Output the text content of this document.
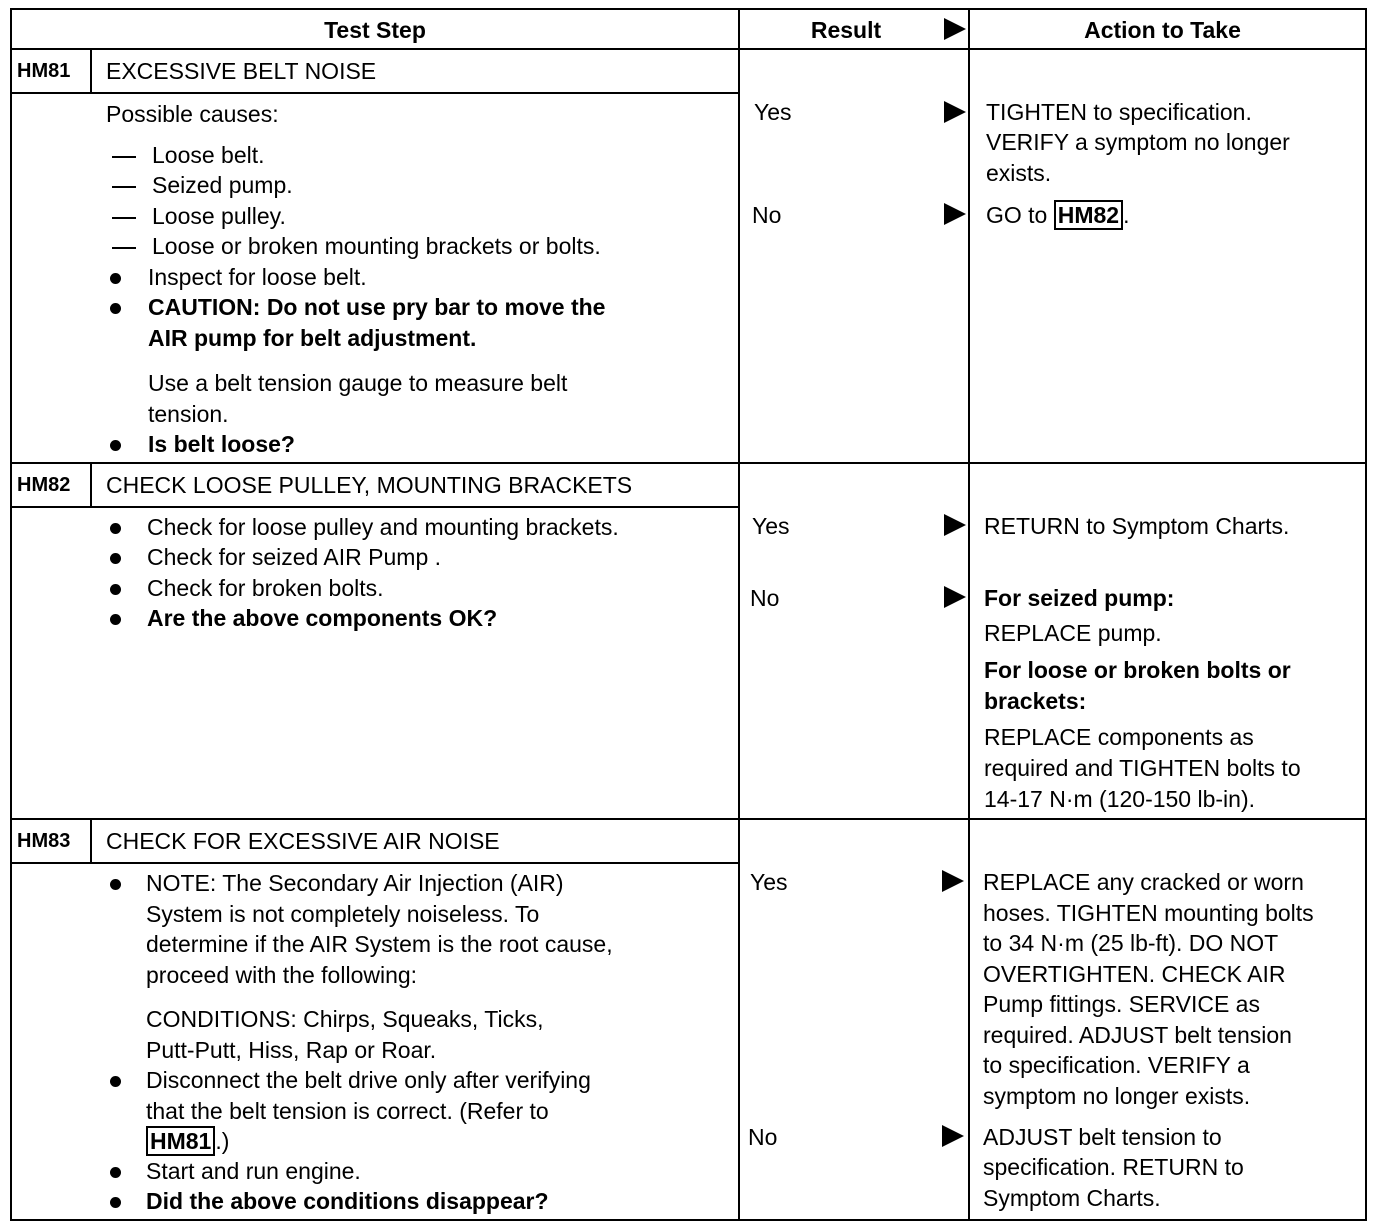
Test Step	Result	Action to Take
HM81 EXCESSIVE BELT NOISE
Possible causes:
Loose belt.
Seized pump.
Loose pulley.
Loose or broken mounting brackets or bolts.
Inspect for loose belt.
CAUTION: Do not use pry bar to move the
AIR pump for belt adjustment.
Use a belt tension gauge to measure belt
tension.
Is belt loose?
Yes	TIGHTEN to specification.
VERIFY a symptom no longer
exists.
No	GO to HM82 .
HM82 CHECK LOOSE PULLEY, MOUNTING BRACKETS
Check for loose pulley and mounting brackets.
Check for seized AIR Pump .
Check for broken bolts.
Are the above components OK?
Yes	RETURN to Symptom Charts.
No	For seized pump:
REPLACE pump.
For loose or broken bolts or
brackets:
REPLACE components as
required and TIGHTEN bolts to
14-17 N·m (120-150 lb-in).
HM83 CHECK FOR EXCESSIVE AIR NOISE
NOTE: The Secondary Air Injection (AIR)
System is not completely noiseless. To
determine if the AIR System is the root cause,
proceed with the following:
CONDITIONS: Chirps, Squeaks, Ticks,
Putt-Putt, Hiss, Rap or Roar.
Disconnect the belt drive only after verifying
that the belt tension is correct. (Refer to
HM81 .)
Start and run engine.
Did the above conditions disappear?
Yes	REPLACE any cracked or worn
hoses. TIGHTEN mounting bolts
to 34 N·m (25 lb-ft). DO NOT
OVERTIGHTEN. CHECK AIR
Pump fittings. SERVICE as
required. ADJUST belt tension
to specification. VERIFY a
symptom no longer exists.
No	ADJUST belt tension to
specification. RETURN to
Symptom Charts.
